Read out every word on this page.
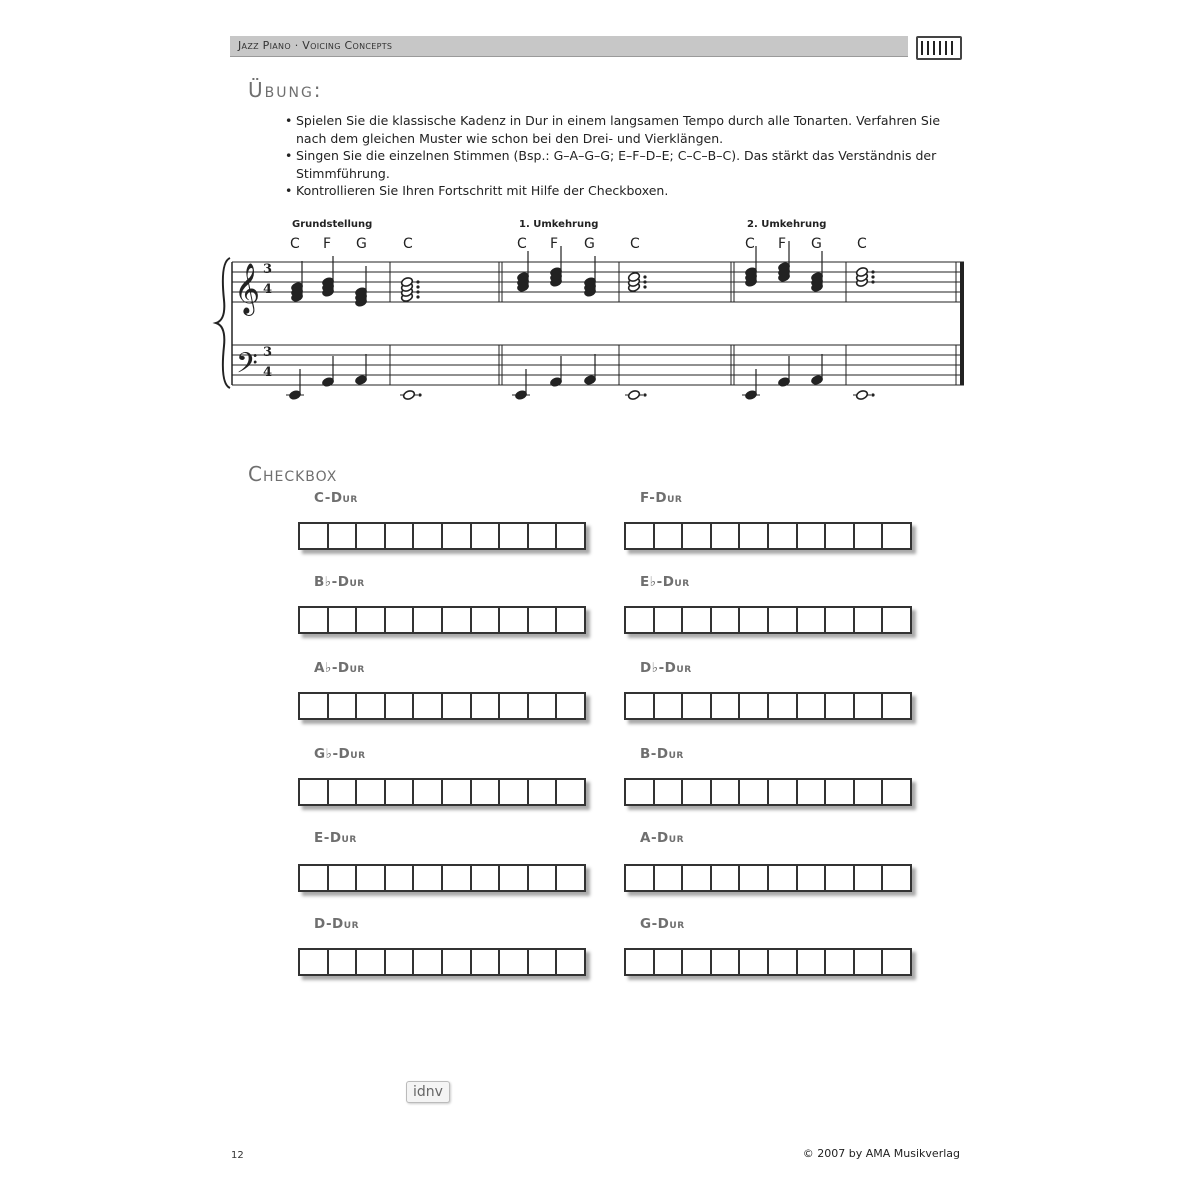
Jazz Piano · Voicing Concepts
Übung:
• Spielen Sie die klassische Kadenz in Dur in einem langsamen Tempo durch alle Tonarten. Verfahren Sie nach dem gleichen Muster wie schon bei den Drei- und Vierklängen.
• Singen Sie die einzelnen Stimmen (Bsp.: G–A–G–G; E–F–D–E; C–C–B–C). Das stärkt das Verständnis der Stimmführung.
• Kontrollieren Sie Ihren Fortschritt mit Hilfe der Checkboxen.
𝄞
𝄢
3
4
3
4
Grundstellung	1. Umkehrung	2. Umkehrung
C F G	C	C F G	C	C F G	C
Checkbox
C-Dur	F-Dur
B♭-Dur	E♭-Dur
A♭-Dur	D♭-Dur
G♭-Dur	B-Dur
E-Dur	A-Dur
D-Dur	G-Dur
idnv
12	© 2007 by AMA Musikverlag
